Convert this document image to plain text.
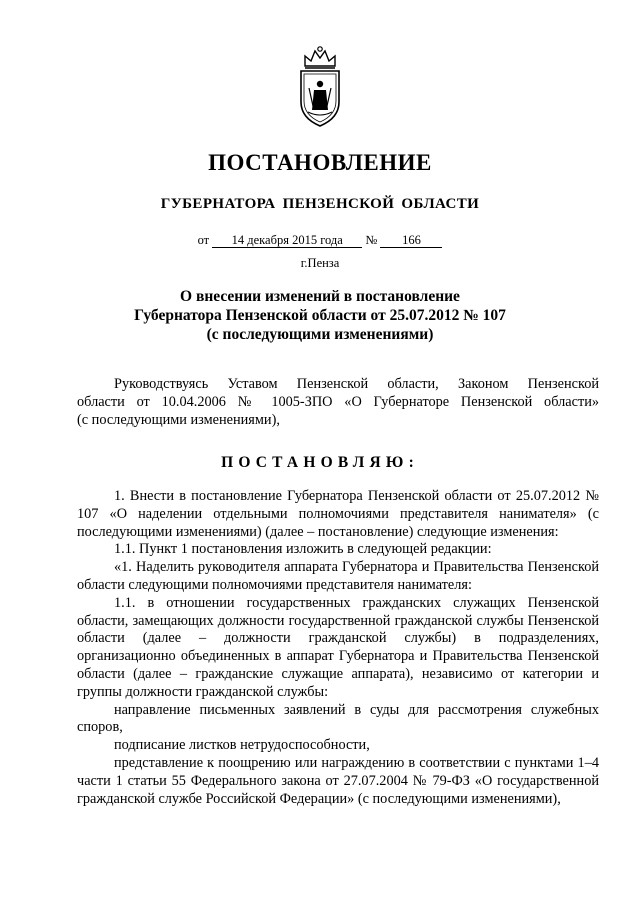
ПОСТАНОВЛЕНИЕ
ГУБЕРНАТОРА ПЕНЗЕНСКОЙ ОБЛАСТИ
от 14 декабря 2015 года № 166
г.Пенза
О внесении изменений в постановление
Губернатора Пензенской области от 25.07.2012 № 107
(с последующими изменениями)
Руководствуясь Уставом Пензенской области, Законом Пензенской
области от 10.04.2006 № 1005-ЗПО «О Губернаторе Пензенской области»
(с последующими изменениями),
ПОСТАНОВЛЯЮ:

1. Внести в постановление Губернатора Пензенской области от 25.07.2012 № 107 «О наделении отдельными полномочиями представителя нанимателя» (с последующими изменениями) (далее – постановление) следующие изменения:

1.1. Пункт 1 постановления изложить в следующей редакции:

«1. Наделить руководителя аппарата Губернатора и Правительства Пензенской области следующими полномочиями представителя нанимателя:

1.1. в отношении государственных гражданских служащих Пензенской области, замещающих должности государственной гражданской службы Пензенской области (далее – должности гражданской службы) в подразделениях, организационно объединенных в аппарат Губернатора и Правительства Пензенской области (далее – гражданские служащие аппарата), независимо от категории и группы должности гражданской службы:

направление письменных заявлений в суды для рассмотрения служебных споров,

подписание листков нетрудоспособности,

представление к поощрению или награждению в соответствии с пунктами 1–4 части 1 статьи 55 Федерального закона от 27.07.2004 № 79-ФЗ «О государственной гражданской службе Российской Федерации» (с последующими изменениями),
